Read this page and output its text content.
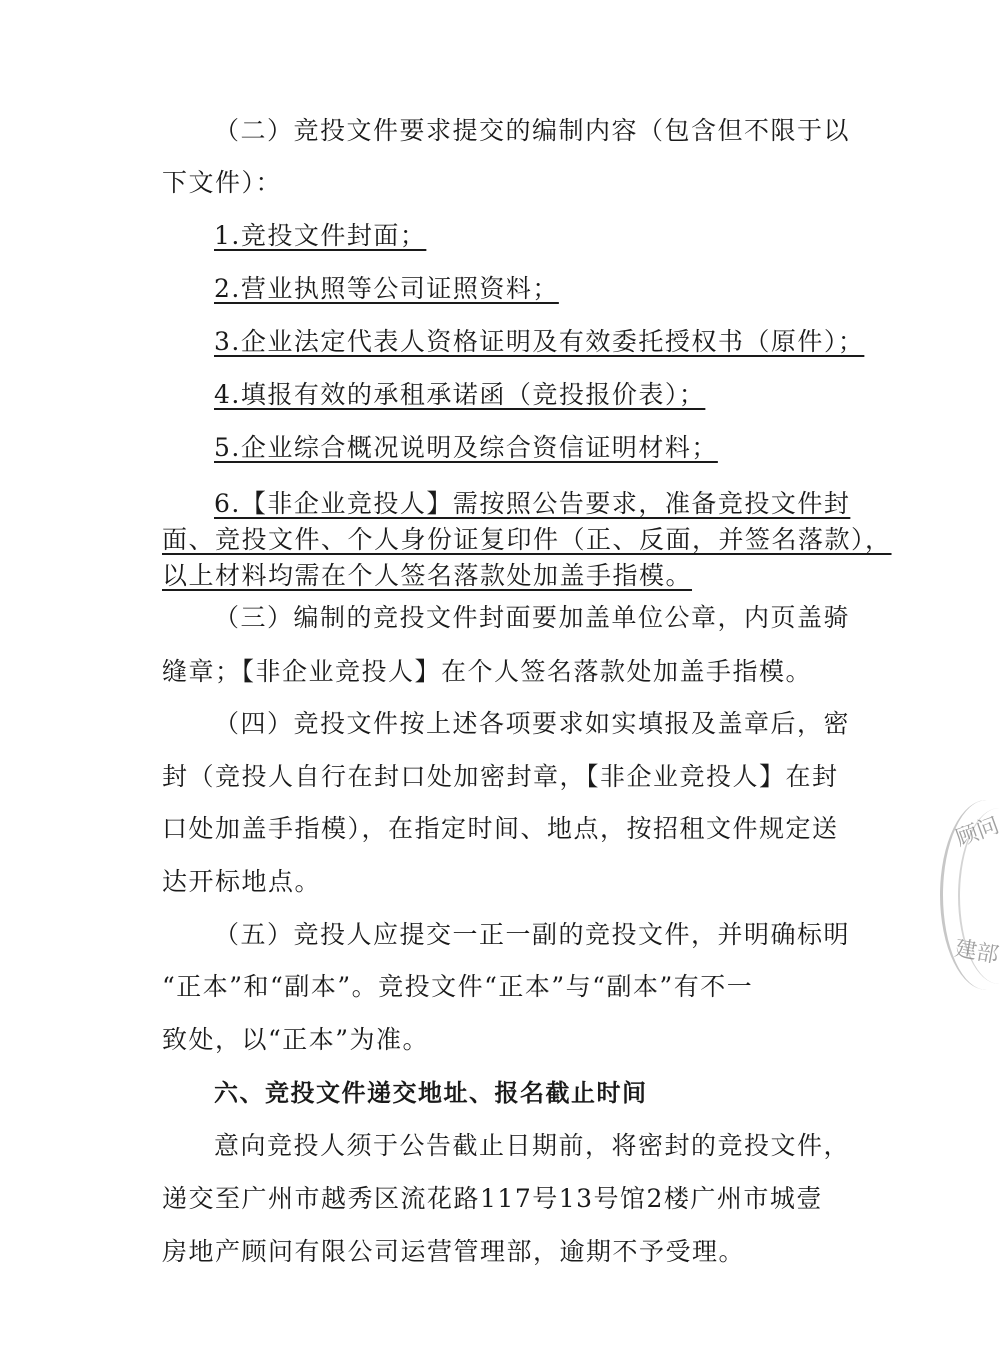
（二）竞投文件要求提交的编制内容（包含但不限于以
下文件）：
1.竞投文件封面；
2.营业执照等公司证照资料；
3.企业法定代表人资格证明及有效委托授权书（原件）；
4.填报有效的承租承诺函（竞投报价表）；
5.企业综合概况说明及综合资信证明材料；
6.【非企业竞投人】需按照公告要求，准备竞投文件封
面、竞投文件、个人身份证复印件（正、反面，并签名落款），
以上材料均需在个人签名落款处加盖手指模。
（三）编制的竞投文件封面要加盖单位公章，内页盖骑
缝章；【非企业竞投人】在个人签名落款处加盖手指模。
（四）竞投文件按上述各项要求如实填报及盖章后，密
封（竞投人自行在封口处加密封章，【非企业竞投人】在封
口处加盖手指模），在指定时间、地点，按招租文件规定送
达开标地点。
（五）竞投人应提交一正一副的竞投文件，并明确标明
“正本”和“副本”。竞投文件“正本”与“副本”有不一
致处，以“正本”为准。
六、竞投文件递交地址、报名截止时间
意向竞投人须于公告截止日期前，将密封的竞投文件，
递交至广州市越秀区流花路117号13号馆2楼广州市城壹
房地产顾问有限公司运营管理部，逾期不予受理。
顾问
建部
